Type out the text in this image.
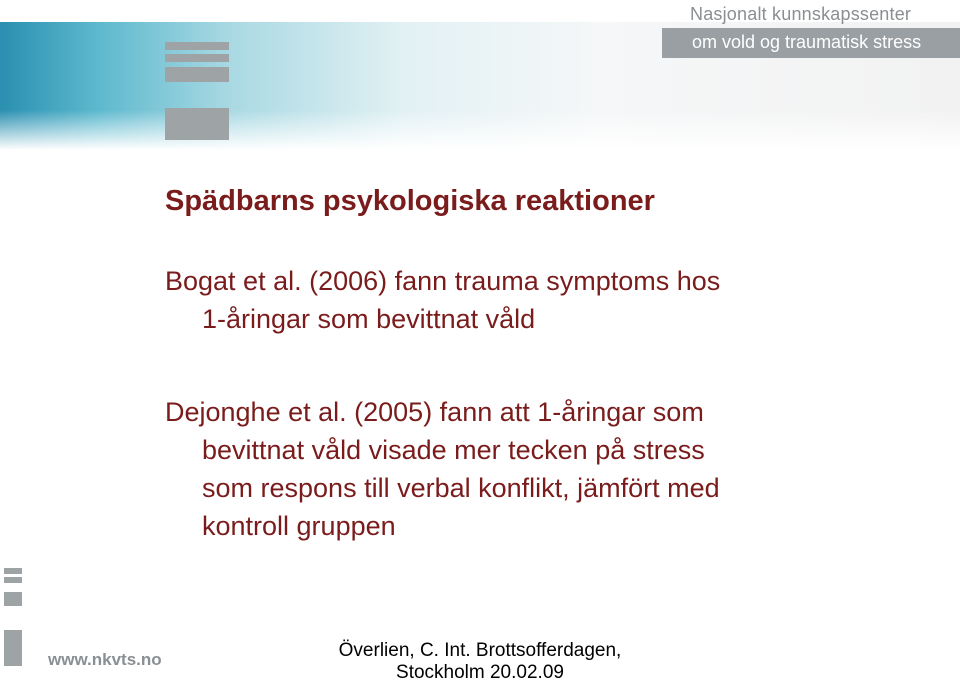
Nasjonalt kunnskapssenter
om vold og traumatisk stress
Spädbarns psykologiska reaktioner
Bogat et al. (2006) fann trauma symptoms hos
1-åringar som bevittnat våld
Dejonghe et al. (2005) fann att 1-åringar som
bevittnat våld visade mer tecken på stress
som respons till verbal konflikt, jämfört med
kontroll gruppen
www.nkvts.no	Överlien, C. Int. Brottsofferdagen,
Stockholm 20.02.09
